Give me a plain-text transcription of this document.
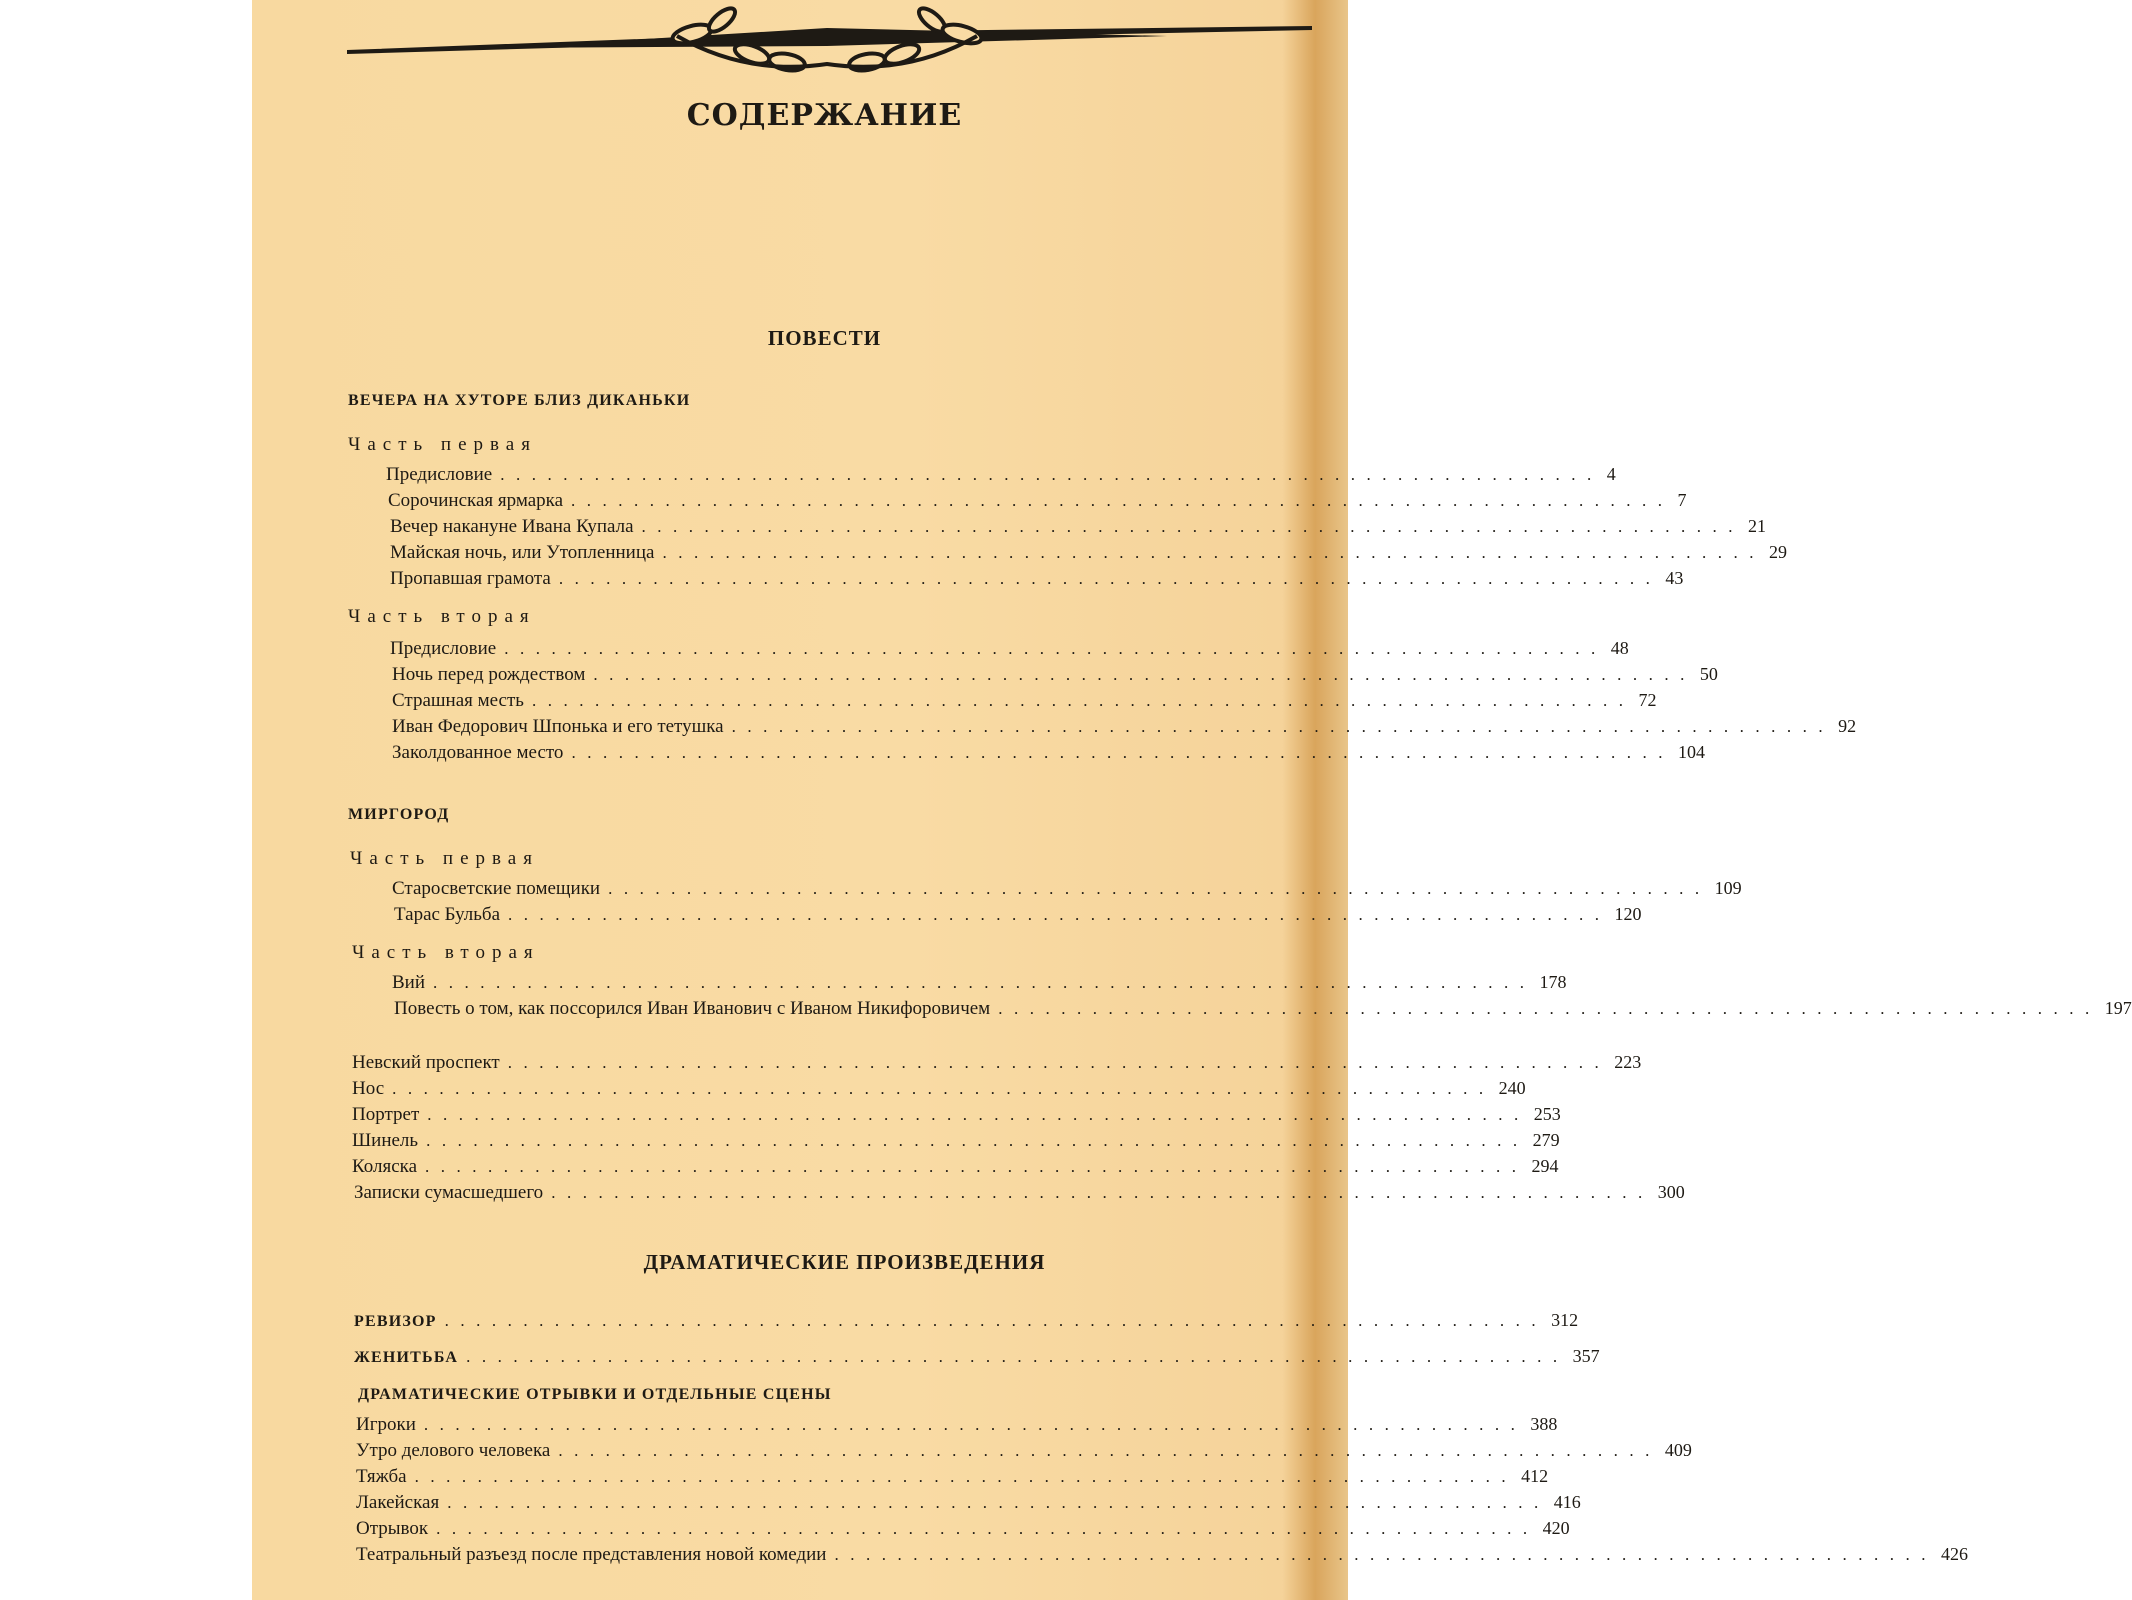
СОДЕРЖАНИЕ
ПОВЕСТИ
ВЕЧЕРА НА ХУТОРЕ БЛИЗ ДИКАНЬКИ
Часть первая
Предисловие ...................................................................... 4
Сорочинская ярмарка ...................................................................... 7
Вечер накануне Ивана Купала ...................................................................... 21
Майская ночь, или Утопленница ...................................................................... 29
Пропавшая грамота ...................................................................... 43
Часть вторая
Предисловие ...................................................................... 48
Ночь перед рождеством ...................................................................... 50
Страшная месть ...................................................................... 72
Иван Федорович Шпонька и его тетушка ...................................................................... 92
Заколдованное место ...................................................................... 104
МИРГОРОД
Часть первая
Старосветские помещики ...................................................................... 109
Тарас Бульба ...................................................................... 120
Часть вторая
Вий ...................................................................... 178
Повесть о том, как поссорился Иван Иванович с Иваном Никифоровичем ...................................................................... 197
Невский проспект ...................................................................... 223
Нос ...................................................................... 240
Портрет ...................................................................... 253
Шинель ...................................................................... 279
Коляска ...................................................................... 294
Записки сумасшедшего ...................................................................... 300
ДРАМАТИЧЕСКИЕ ПРОИЗВЕДЕНИЯ
РЕВИЗОР ...................................................................... 312
ЖЕНИТЬБА ...................................................................... 357
ДРАМАТИЧЕСКИЕ ОТРЫВКИ И ОТДЕЛЬНЫЕ СЦЕНЫ
Игроки ...................................................................... 388
Утро делового человека ...................................................................... 409
Тяжба ...................................................................... 412
Лакейская ...................................................................... 416
Отрывок ...................................................................... 420
Театральный разъезд после представления новой комедии ...................................................................... 426
